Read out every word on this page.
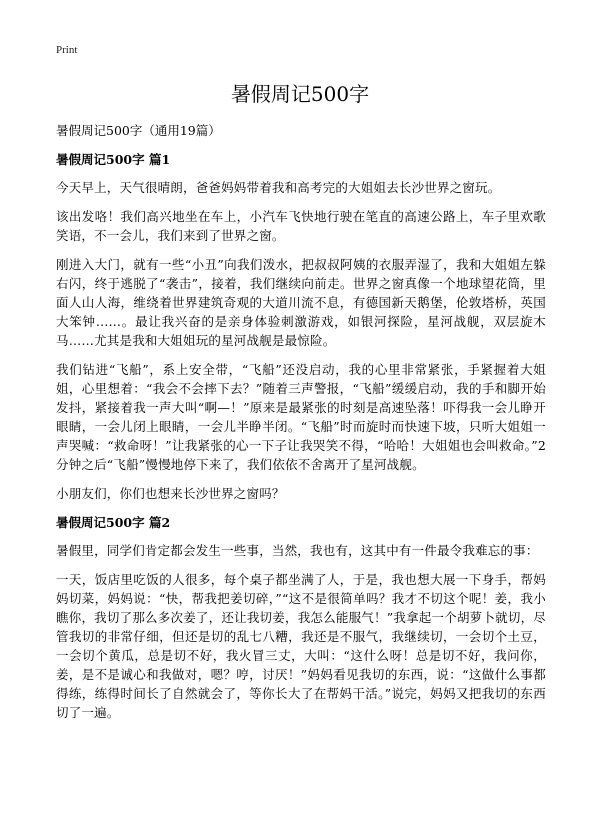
Print
暑假周记500字

暑假周记500字（通用19篇）

暑假周记500字 篇1

今天早上，天气很晴朗，爸爸妈妈带着我和高考完的大姐姐去长沙世界之窗玩。

该出发咯！我们高兴地坐在车上，小汽车飞快地行驶在笔直的高速公路上，车子里欢歌笑语，不一会儿，我们来到了世界之窗。

刚进入大门，就有一些“小丑”向我们泼水，把叔叔阿姨的衣服弄湿了，我和大姐姐左躲右闪，终于逃脱了“袭击”，接着，我们继续向前走。世界之窗真像一个地球望花筒，里面人山人海，维绕着世界建筑奇观的大道川流不息，有德国新天鹅堡，伦敦塔桥，英国大笨钟……。最让我兴奋的是亲身体验刺激游戏，如银河探险，星河战舰，双层旋木马……尤其是我和大姐姐玩的星河战舰是最惊险。

我们钻进“飞船”，系上安全带，“飞船”还没启动，我的心里非常紧张，手紧握着大姐姐，心里想着：“我会不会摔下去？”随着三声警报，“飞船”缓缓启动，我的手和脚开始发抖，紧接着我一声大叫“啊—！”原来是最紧张的时刻是高速坠落！吓得我一会儿睁开眼睛，一会儿闭上眼睛，一会儿半睁半闭。“飞船”时而旋时而快速下坡，只听大姐姐一声哭喊：“救命呀！”让我紧张的心一下子让我哭笑不得，“哈哈！大姐姐也会叫救命。”2分钟之后“飞船”慢慢地停下来了，我们依依不舍离开了星河战舰。

小朋友们，你们也想来长沙世界之窗吗？

暑假周记500字 篇2

暑假里，同学们肯定都会发生一些事，当然，我也有，这其中有一件最令我难忘的事：

一天，饭店里吃饭的人很多，每个桌子都坐满了人，于是，我也想大展一下身手，帮妈妈切菜，妈妈说：“快，帮我把姜切碎，”“这不是很简单吗？我才不切这个呢！姜，我小瞧你，我切了那么多次姜了，还让我切姜，我怎么能服气！”我拿起一个胡萝卜就切，尽管我切的非常仔细，但还是切的乱七八糟，我还是不服气，我继续切，一会切个土豆，一会切个黄瓜，总是切不好，我火冒三丈，大叫：“这什么呀！总是切不好，我问你，姜，是不是诚心和我做对，嗯？哼，讨厌！”妈妈看见我切的东西，说：“这做什么事都得练，练得时间长了自然就会了，等你长大了在帮妈干活。”说完，妈妈又把我切的东西切了一遍。
